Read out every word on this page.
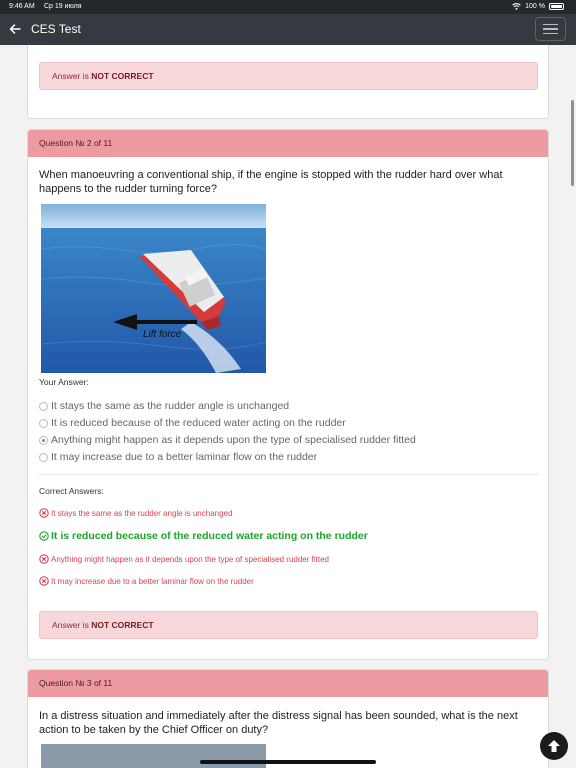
9:46 AM Ср 19 июля	100 %
CES Test
Answer is NOT CORRECT
Question № 2 of 11
When manoeuvring a conventional ship, if the engine is stopped with the rudder hard over what happens to the rudder turning force?
Lift force
Your Answer:
It stays the same as the rudder angle is unchanged
It is reduced because of the reduced water acting on the rudder
Anything might happen as it depends upon the type of specialised rudder fitted
It may increase due to a better laminar flow on the rudder
Correct Answers:
It stays the same as the rudder angle is unchanged
It is reduced because of the reduced water acting on the rudder
Anything might happen as it depends upon the type of specialised rudder fitted
It may increase due to a better laminar flow on the rudder
Answer is NOT CORRECT
Question № 3 of 11
In a distress situation and immediately after the distress signal has been sounded, what is the next action to be taken by the Chief Officer on duty?
